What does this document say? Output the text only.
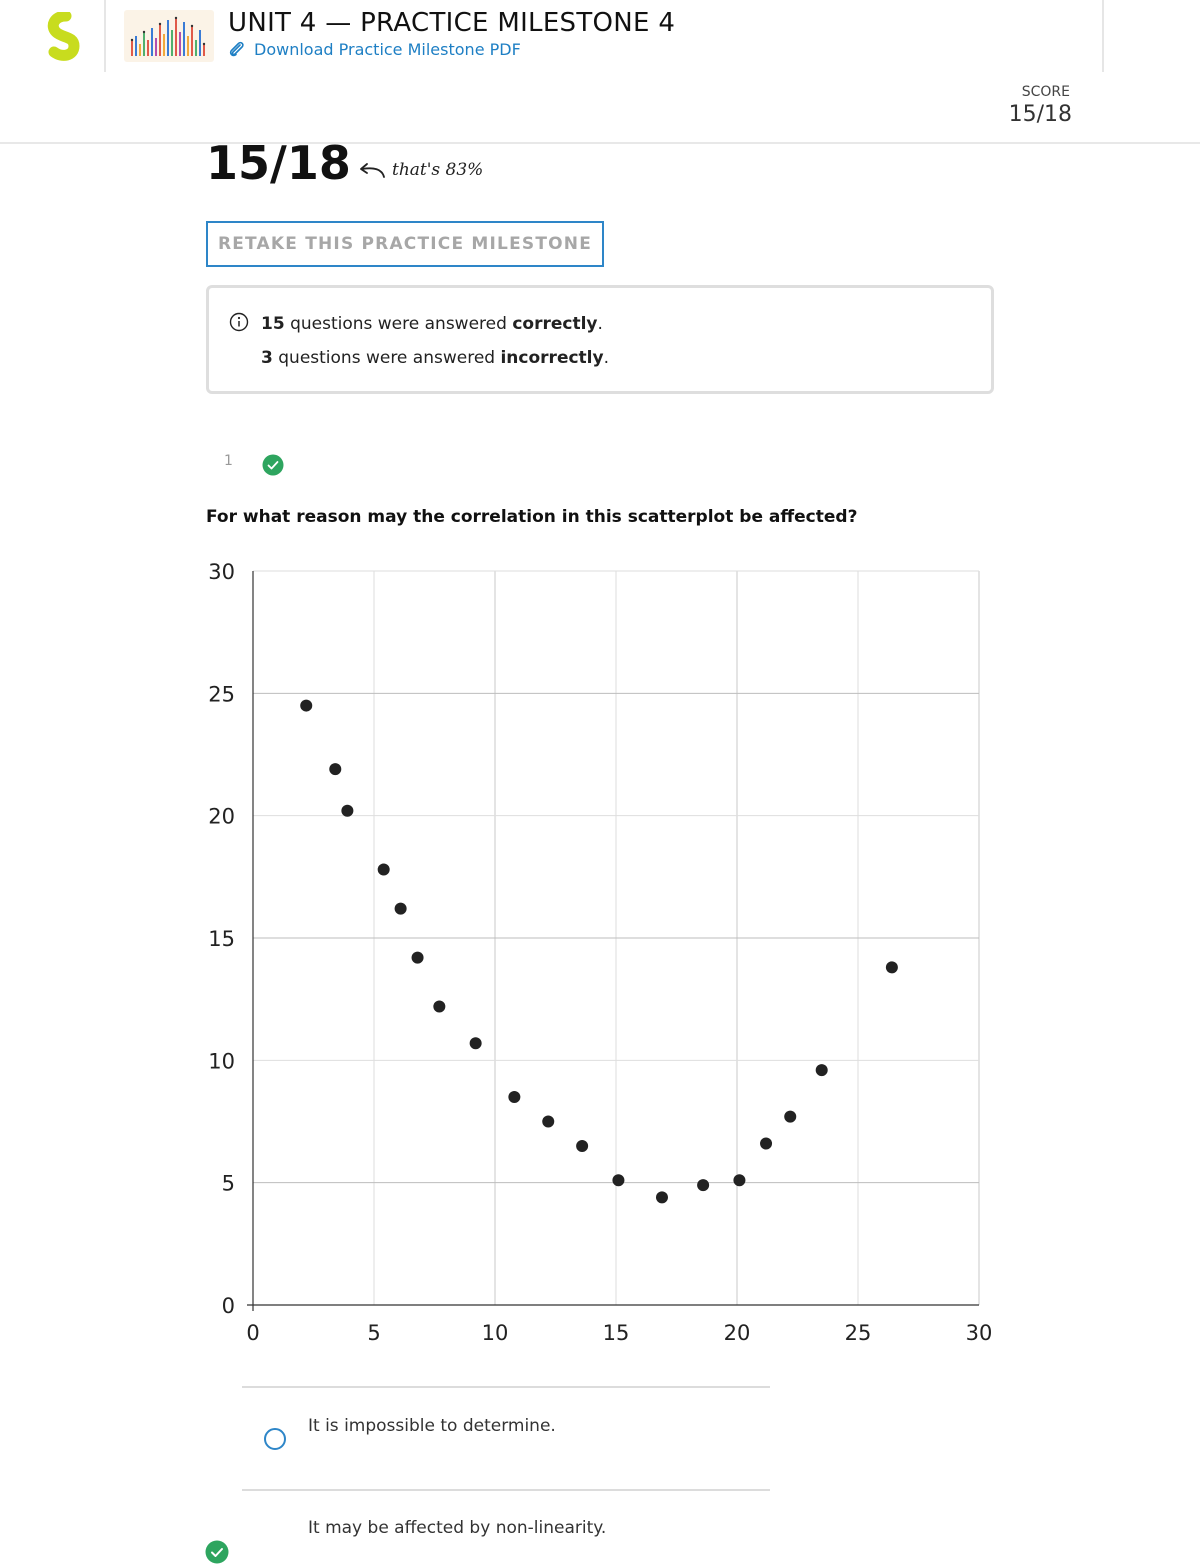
UNIT 4 — PRACTICE MILESTONE 4
Download Practice Milestone PDF
SCORE
15/18
15/18 that's 83%
RETAKE THIS PRACTICE MILESTONE
15 questions were answered correctly.
3 questions were answered incorrectly.
1
For what reason may the correlation in this scatterplot be affected?
0	5	10	15	20	25	30
0
5
10
15
20
25
30
It is impossible to determine.
It may be affected by non-linearity.
